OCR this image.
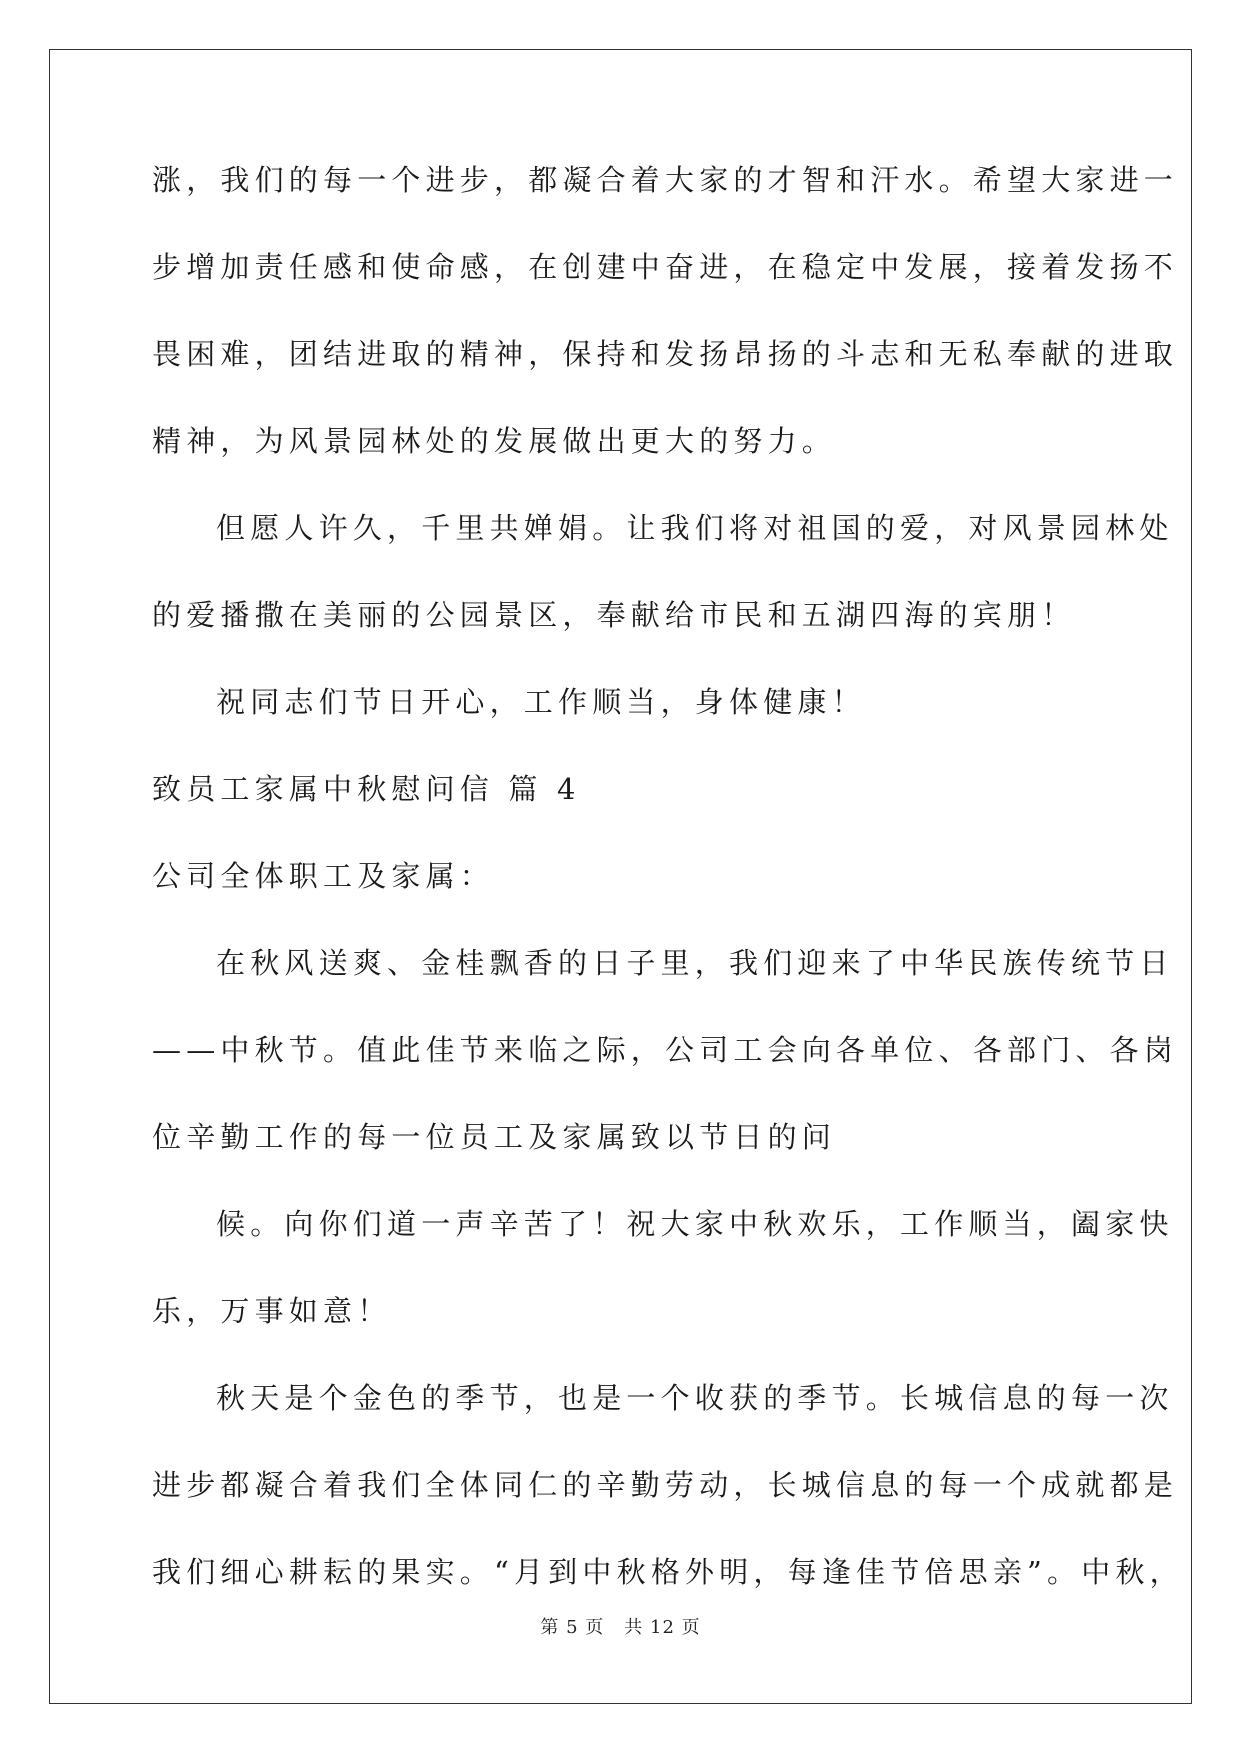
涨，我们的每一个进步，都凝合着大家的才智和汗水。希望大家进一
步增加责任感和使命感，在创建中奋进，在稳定中发展，接着发扬不
畏困难，团结进取的精神，保持和发扬昂扬的斗志和无私奉献的进取
精神，为风景园林处的发展做出更大的努力。
但愿人许久，千里共婵娟。让我们将对祖国的爱，对风景园林处
的爱播撒在美丽的公园景区，奉献给市民和五湖四海的宾朋！
祝同志们节日开心，工作顺当，身体健康！
致员工家属中秋慰问信 篇 4
公司全体职工及家属：
在秋风送爽、金桂飘香的日子里，我们迎来了中华民族传统节日
——中秋节。值此佳节来临之际，公司工会向各单位、各部门、各岗
位辛勤工作的每一位员工及家属致以节日的问
候。向你们道一声辛苦了！祝大家中秋欢乐，工作顺当，阖家快
乐，万事如意！
秋天是个金色的季节，也是一个收获的季节。长城信息的每一次
进步都凝合着我们全体同仁的辛勤劳动，长城信息的每一个成就都是
我们细心耕耘的果实。“月到中秋格外明，每逢佳节倍思亲”。中秋，
第 5 页 共 12 页
